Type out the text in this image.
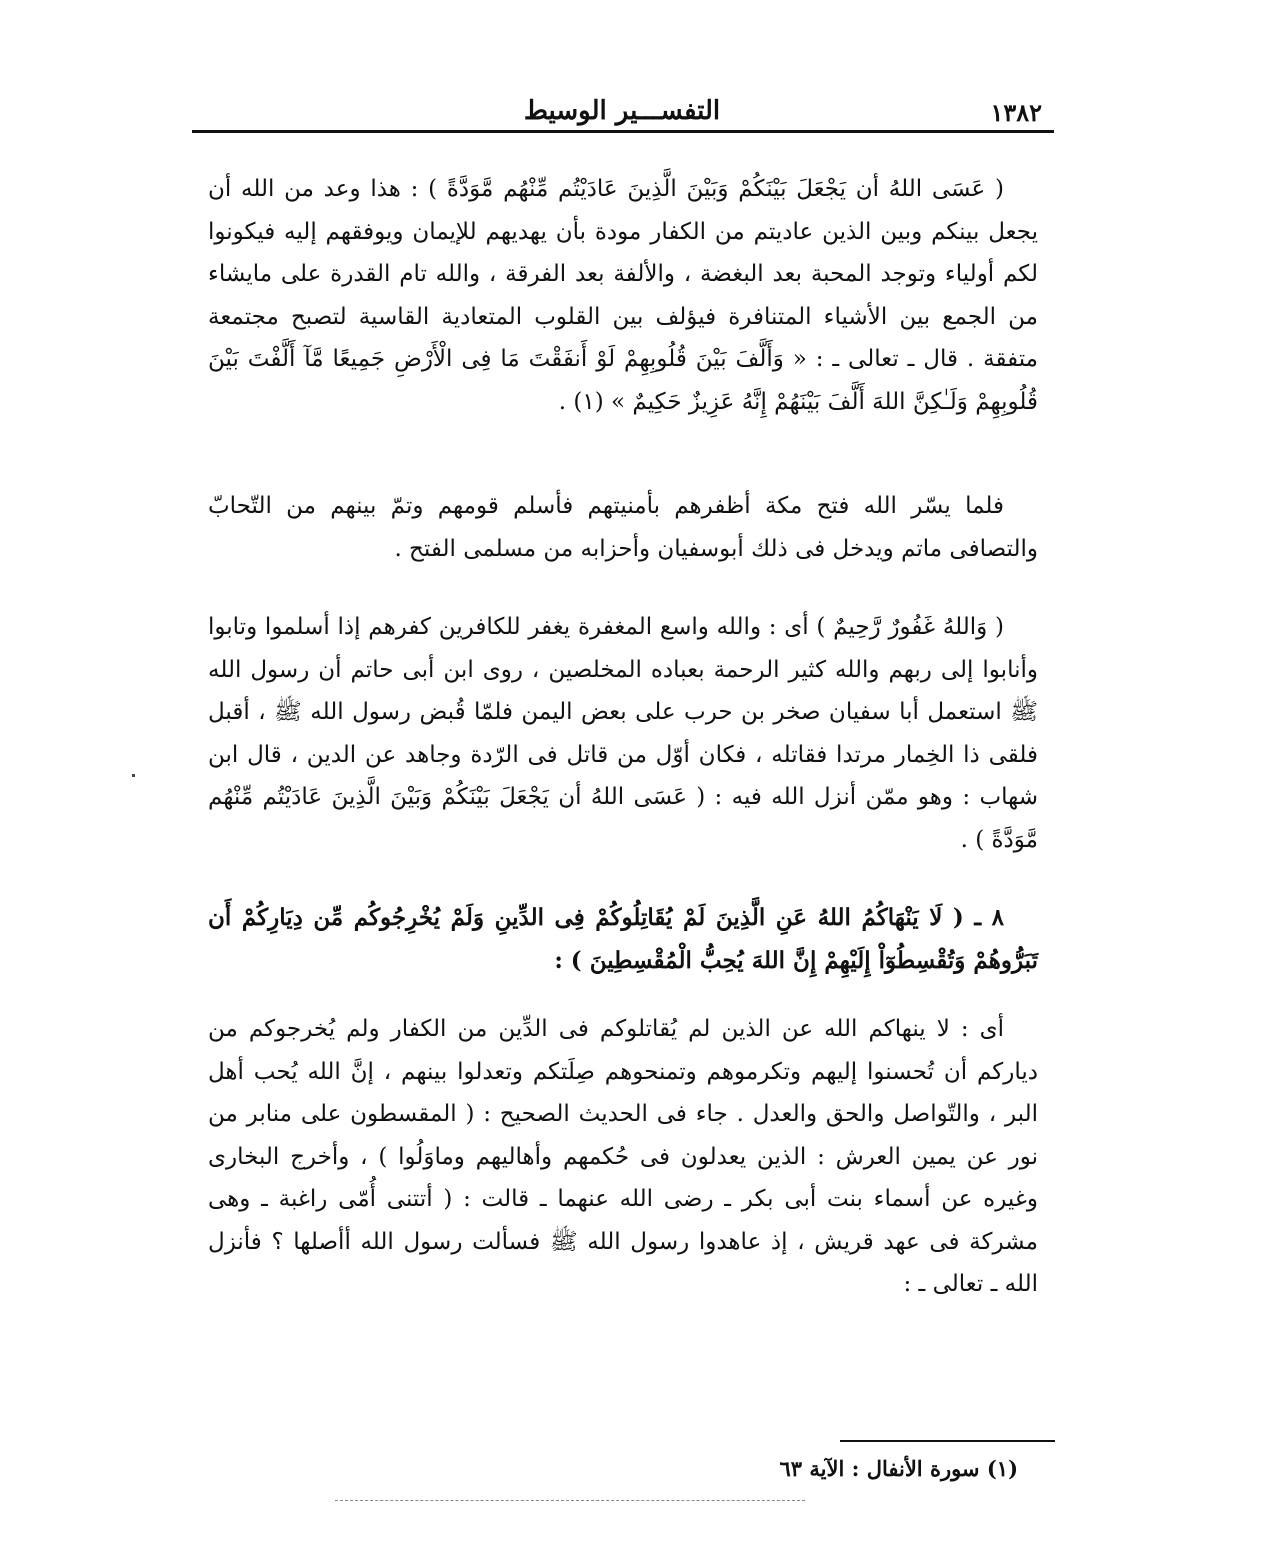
١٣٨٢
التفســـير الوسيط

( عَسَى اللهُ أن يَجْعَلَ بَيْنَكُمْ وَبَيْنَ الَّذِينَ عَادَيْتُم مِّنْهُم مَّوَدَّةً ) : هذا وعد من الله أن يجعل بينكم وبين الذين عاديتم من الكفار مودة بأن يهديهم للإيمان ويوفقهم إليه فيكونوا لكم أولياء وتوجد المحبة بعد البغضة ، والألفة بعد الفرقة ، والله تام القدرة على مايشاء من الجمع بين الأشياء المتنافرة فيؤلف بين القلوب المتعادية القاسية لتصبح مجتمعة متفقة . قال ـ تعالى ـ : « وَأَلَّفَ بَيْنَ قُلُوبِهِمْ لَوْ أَنفَقْتَ مَا فِى الْأَرْضِ جَمِيعًا مَّآ أَلَّفْتَ بَيْنَ قُلُوبِهِمْ وَلَـٰكِنَّ اللهَ أَلَّفَ بَيْنَهُمْ إِنَّهُ عَزِيزٌ حَكِيمٌ » (١) .

فلما يسّر الله فتح مكة أظفرهم بأمنيتهم فأسلم قومهم وتمّ بينهم من التّحابّ والتصافى ماتم ويدخل فى ذلك أبوسفيان وأحزابه من مسلمى الفتح .

( وَاللهُ غَفُورٌ رَّحِيمٌ ) أى : والله واسع المغفرة يغفر للكافرين كفرهم إذا أسلموا وتابوا وأنابوا إلى ربهم والله كثير الرحمة بعباده المخلصين ، روى ابن أبى حاتم أن رسول الله ﷺ استعمل أبا سفيان صخر بن حرب على بعض اليمن فلمّا قُبض رسول الله ﷺ ، أقبل فلقى ذا الخِمار مرتدا فقاتله ، فكان أوّل من قاتل فى الرّدة وجاهد عن الدين ، قال ابن شهاب : وهو ممّن أنزل الله فيه : ( عَسَى اللهُ أن يَجْعَلَ بَيْنَكُمْ وَبَيْنَ الَّذِينَ عَادَيْتُم مِّنْهُم مَّوَدَّةً ) .

٨ ـ ( لَا يَنْهَاكُمُ اللهُ عَنِ الَّذِينَ لَمْ يُقَاتِلُوكُمْ فِى الدِّينِ وَلَمْ يُخْرِجُوكُم مِّن دِيَارِكُمْ أَن تَبَرُّوهُمْ وَتُقْسِطُوٓاْ إِلَيْهِمْ إِنَّ اللهَ يُحِبُّ الْمُقْسِطِينَ ) :

أى : لا ينهاكم الله عن الذين لم يُقاتلوكم فى الدِّين من الكفار ولم يُخرجوكم من دياركم أن تُحسنوا إليهم وتكرموهم وتمنحوهم صِلَتكم وتعدلوا بينهم ، إنَّ الله يُحب أهل البر ، والتّواصل والحق والعدل . جاء فى الحديث الصحيح : ( المقسطون على منابر من نور عن يمين العرش : الذين يعدلون فى حُكمهم وأهاليهم وماوَلُوا ) ، وأخرج البخارى وغيره عن أسماء بنت أبى بكر ـ رضى الله عنهما ـ قالت : ( أتتنى أُمّى راغبة ـ وهى مشركة فى عهد قريش ، إذ عاهدوا رسول الله ﷺ فسألت رسول الله أأصلها ؟ فأنزل الله ـ تعالى ـ :

(١) سورة الأنفال : الآية ٦٣
